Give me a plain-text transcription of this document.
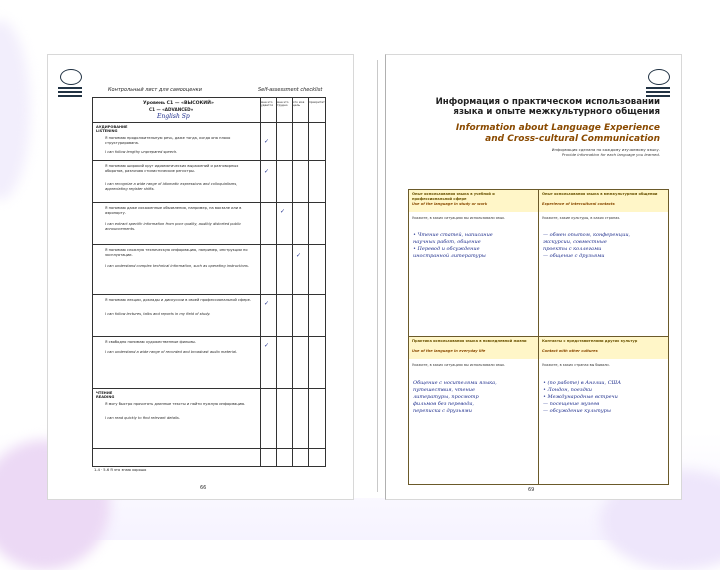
Контрольный лист для самооценки	Self-assessment checklist
Уровень С1 — «ВЫСОКИЙ»
C1 — «ADVANCED»
English Sp
мне это удается
мне это трудно
это моя цель
приоритет
АУДИРОВАНИЕ
LISTENING
Я понимаю продолжительную речь, даже тогда, когда она плохо структурирована.
I can follow lengthy unprepared speech.
✓
Я понимаю широкий круг идиоматических выражений и разговорных оборотов, различаю стилистические регистры.
I can recognize a wide range of idiomatic expressions and colloquialisms, appreciating register shifts.
✓
Я понимаю даже искаженные объявления, например, на вокзале или в аэропорту.
I can extract specific information from poor quality, audibly distorted public announcements.
✓
Я понимаю сложную техническую информацию, например, инструкции по эксплуатации.
I can understand complex technical information, such as operating instructions.
✓
Я понимаю лекции, доклады и дискуссии в своей профессиональной сфере.
I can follow lectures, talks and reports in my field of study.
✓
Я свободно понимаю художественные фильмы.
I can understand a wide range of recorded and broadcast audio material.
✓
ЧТЕНИЕ
READING
Я могу быстро прочитать длинные тексты и найти нужную информацию.
I can read quickly to find relevant details.
1-4 · 5-6 Я это знаю хорошо
66
Информация о практическом использовании языка и опыте межкультурного общения
Information about Language Experience and Cross-cultural Communication
Информация сделана по каждому изучаемому языку.
Provide information for each language you learned.
Опыт использования языка в учебной и профессиональной сфере
Use of the language in study or work
Укажите, в каких ситуациях вы использовали язык.
• Чтение статей, написание
научных работ, общение
• Перевод и обсуждение
иностранной литературы
Опыт использования языка в межкультурном общении
Experience of intercultural contacts
Укажите, какие культуры, в каких странах.
— обмен опытом, конференции,
экскурсии, совместные
проекты с коллегами
— общение с друзьями
Практика использования языка в повседневной жизни
Use of the language in everyday life
Укажите, в каких ситуациях вы использовали язык.
Общение с носителями языка,
путешествия, чтение
литературы, просмотр
фильмов без перевода,
переписка с друзьями
Контакты с представителями других культур
Contact with other cultures
Укажите, в каких странах вы бывали.
• (по работе) в Англии, США
• Лондон, поездки
• Международные встречи
— посещение музеев
— обсуждение культуры
69
